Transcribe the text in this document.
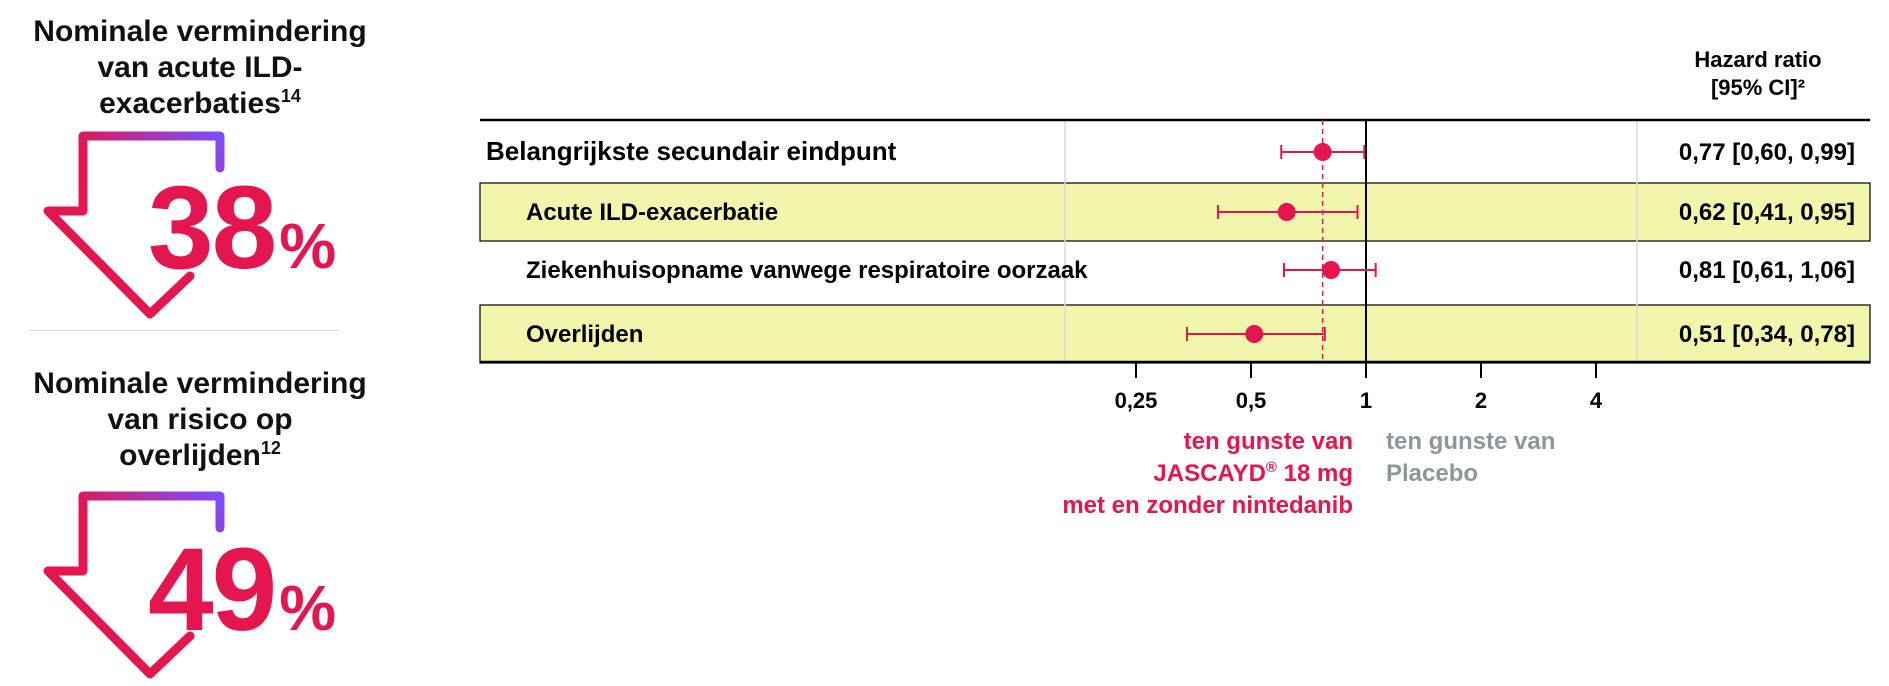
Nominale vermindering
van acute ILD-
exacerbaties$^{14}$
38%
Nominale vermindering
van risico op
overlijden$^{12}$
49%
0,25	0,5	1	2	4
Belangrijkste secundair eindpunt	0,77 [0,60, 0,99]
Acute ILD-exacerbatie	0,62 [0,41, 0,95]
Ziekenhuisopname vanwege respiratoire oorzaak	0,81 [0,61, 1,06]
Overlijden	0,51 [0,34, 0,78]
Hazard ratio
[95% CI]²
ten gunste van
JASCAYD® 18 mg
met en zonder nintedanib
ten gunste van
Placebo
